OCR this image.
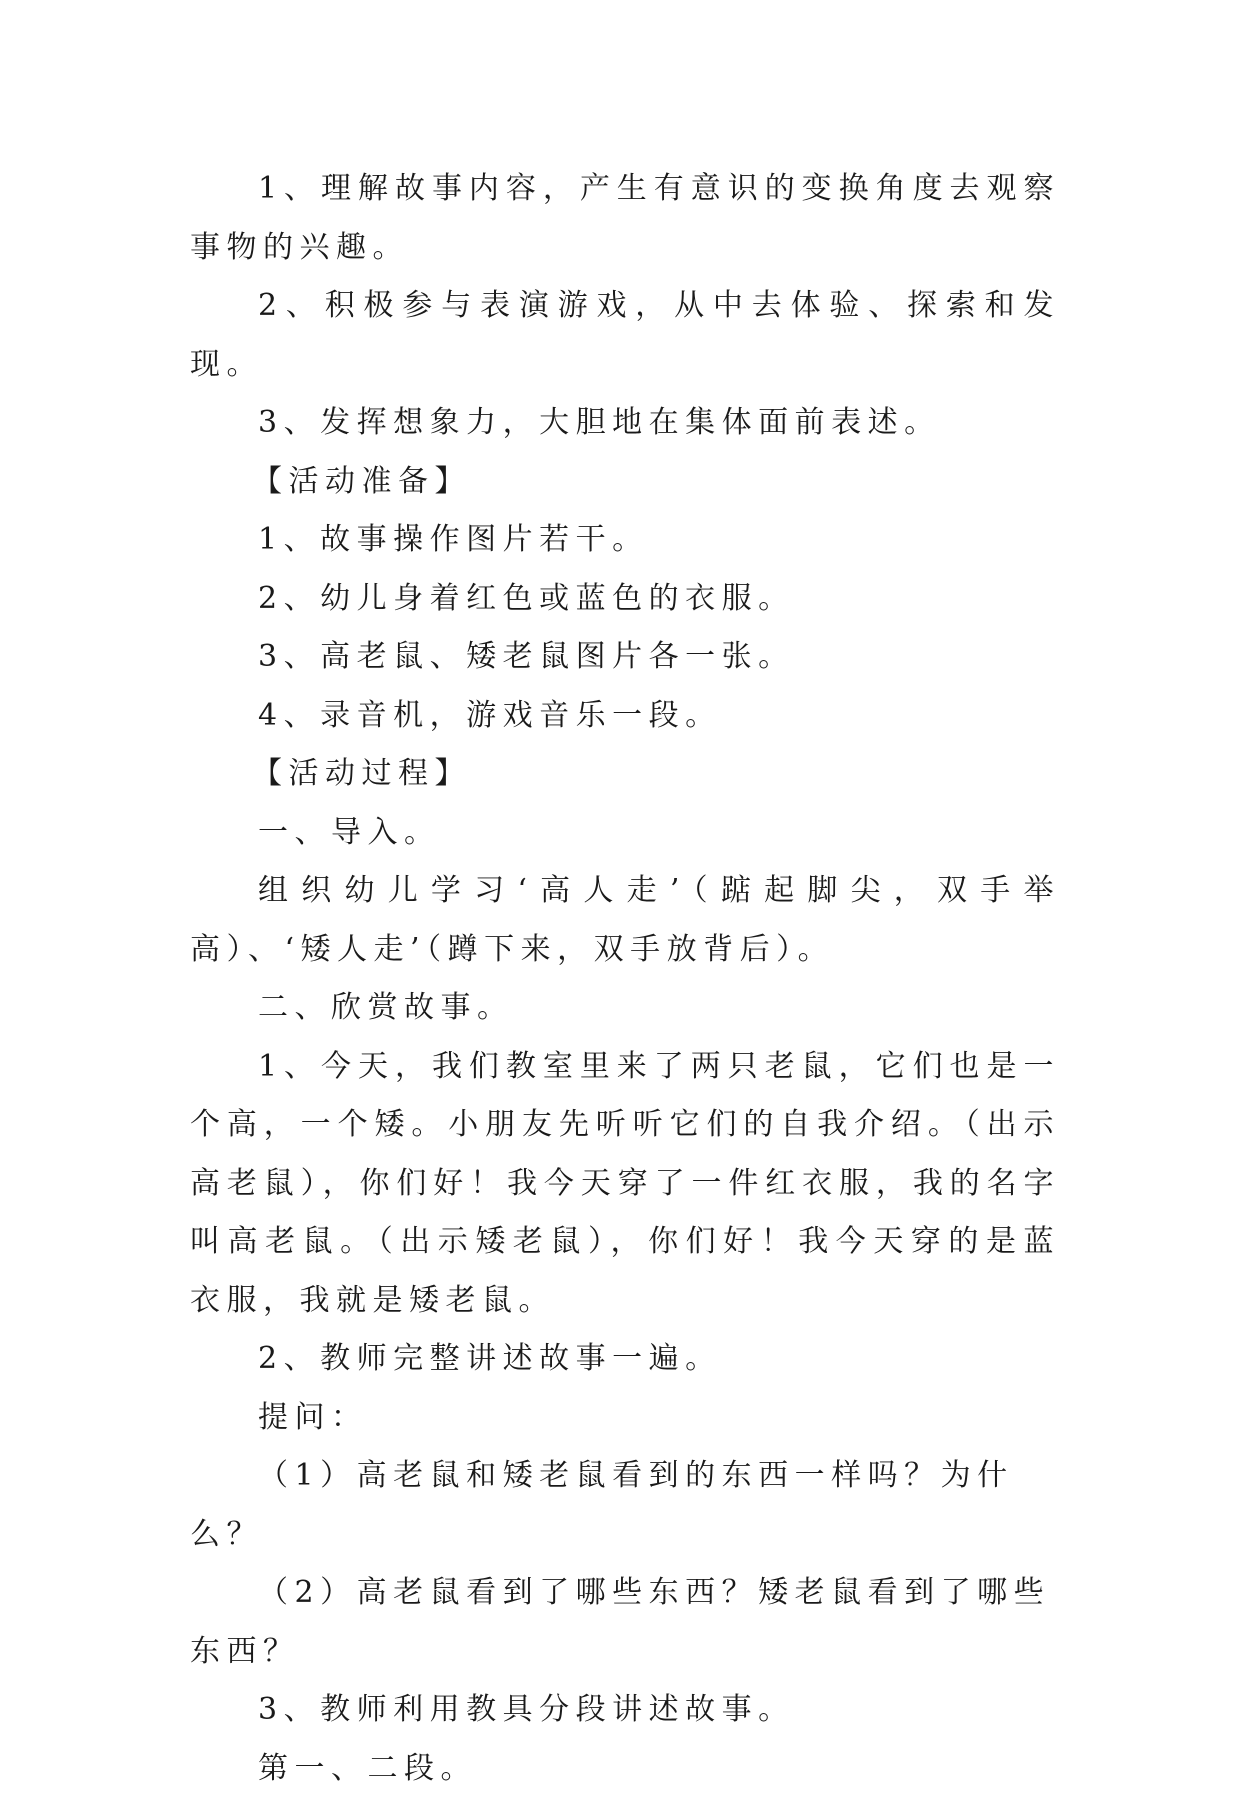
1、理解故事内容，产生有意识的变换角度去观察事物的兴趣。

2、积极参与表演游戏，从中去体验、探索和发现。

3、发挥想象力，大胆地在集体面前表述。

【活动准备】

1、故事操作图片若干。

2、幼儿身着红色或蓝色的衣服。

3、高老鼠、矮老鼠图片各一张。

4、录音机，游戏音乐一段。

【活动过程】

一、导入。

组织幼儿学习‘高人走’（踮起脚尖，双手举高）、‘矮人走’（蹲下来，双手放背后）。

二、欣赏故事。

1、今天，我们教室里来了两只老鼠，它们也是一个高，一个矮。小朋友先听听它们的自我介绍。（出示高老鼠），你们好！我今天穿了一件红衣服，我的名字叫高老鼠。（出示矮老鼠），你们好！我今天穿的是蓝衣服，我就是矮老鼠。

2、教师完整讲述故事一遍。

提问：

（1）高老鼠和矮老鼠看到的东西一样吗？为什么？

（2）高老鼠看到了哪些东西？矮老鼠看到了哪些东西？

3、教师利用教具分段讲述故事。

第一、二段。
